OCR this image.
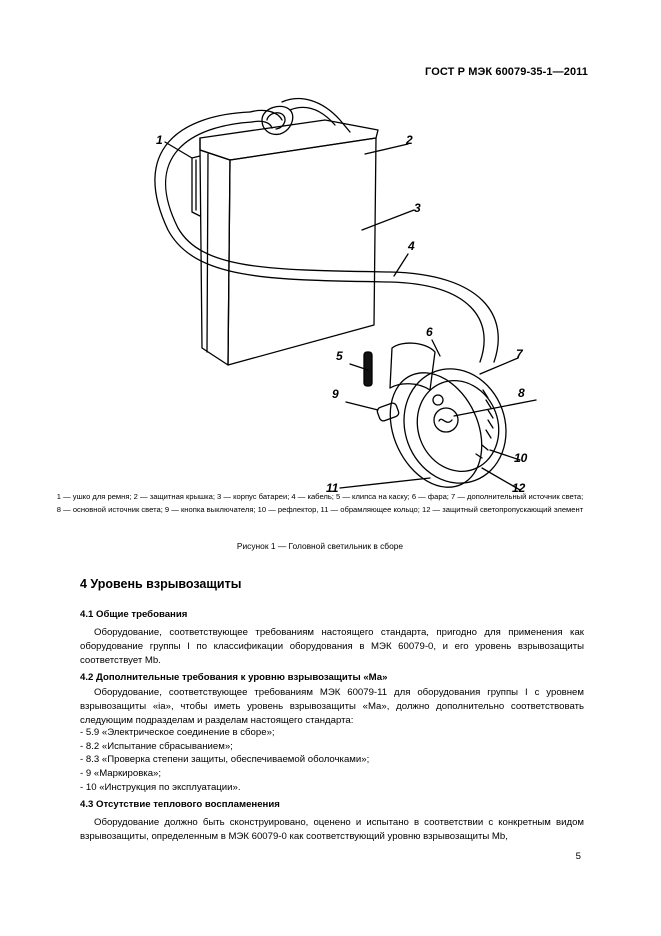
ГОСТ Р МЭК 60079-35-1—2011
1	2
3
4
5
6
7
8
9
10
11	12
1 — ушко для ремня; 2 — защитная крышка; 3 — корпус батареи; 4 — кабель; 5 — клипса на каску; 6 — фара; 7 — дополнительный источник света; 8 — основной источник света; 9 — кнопка выключателя; 10 — рефлектор, 11 — обрамляющее кольцо; 12 — защитный светопропускающий элемент
Рисунок 1 — Головной светильник в сборе
4 Уровень взрывозащиты
4.1 Общие требования
Оборудование, соответствующее требованиям настоящего стандарта, пригодно для применения как оборудование группы I по классификации оборудования в МЭК 60079-0, и его уровень взрывозащиты соответствует Mb.
4.2 Дополнительные требования к уровню взрывозащиты «Ма»
Оборудование, соответствующее требованиям МЭК 60079-11 для оборудования группы I с уровнем взрывозащиты «ia», чтобы иметь уровень взрывозащиты «Ма», должно дополнительно соответствовать следующим подразделам и разделам настоящего стандарта:
- 5.9 «Электрическое соединение в сборе»;
- 8.2 «Испытание сбрасыванием»;
- 8.3 «Проверка степени защиты, обеспечиваемой оболочками»;
- 9 «Маркировка»;
- 10 «Инструкция по эксплуатации».
4.3 Отсутствие теплового воспламенения
Оборудование должно быть сконструировано, оценено и испытано в соответствии с конкретным видом взрывозащиты, определенным в МЭК 60079-0 как соответствующий уровню взрывозащиты Mb,
5
